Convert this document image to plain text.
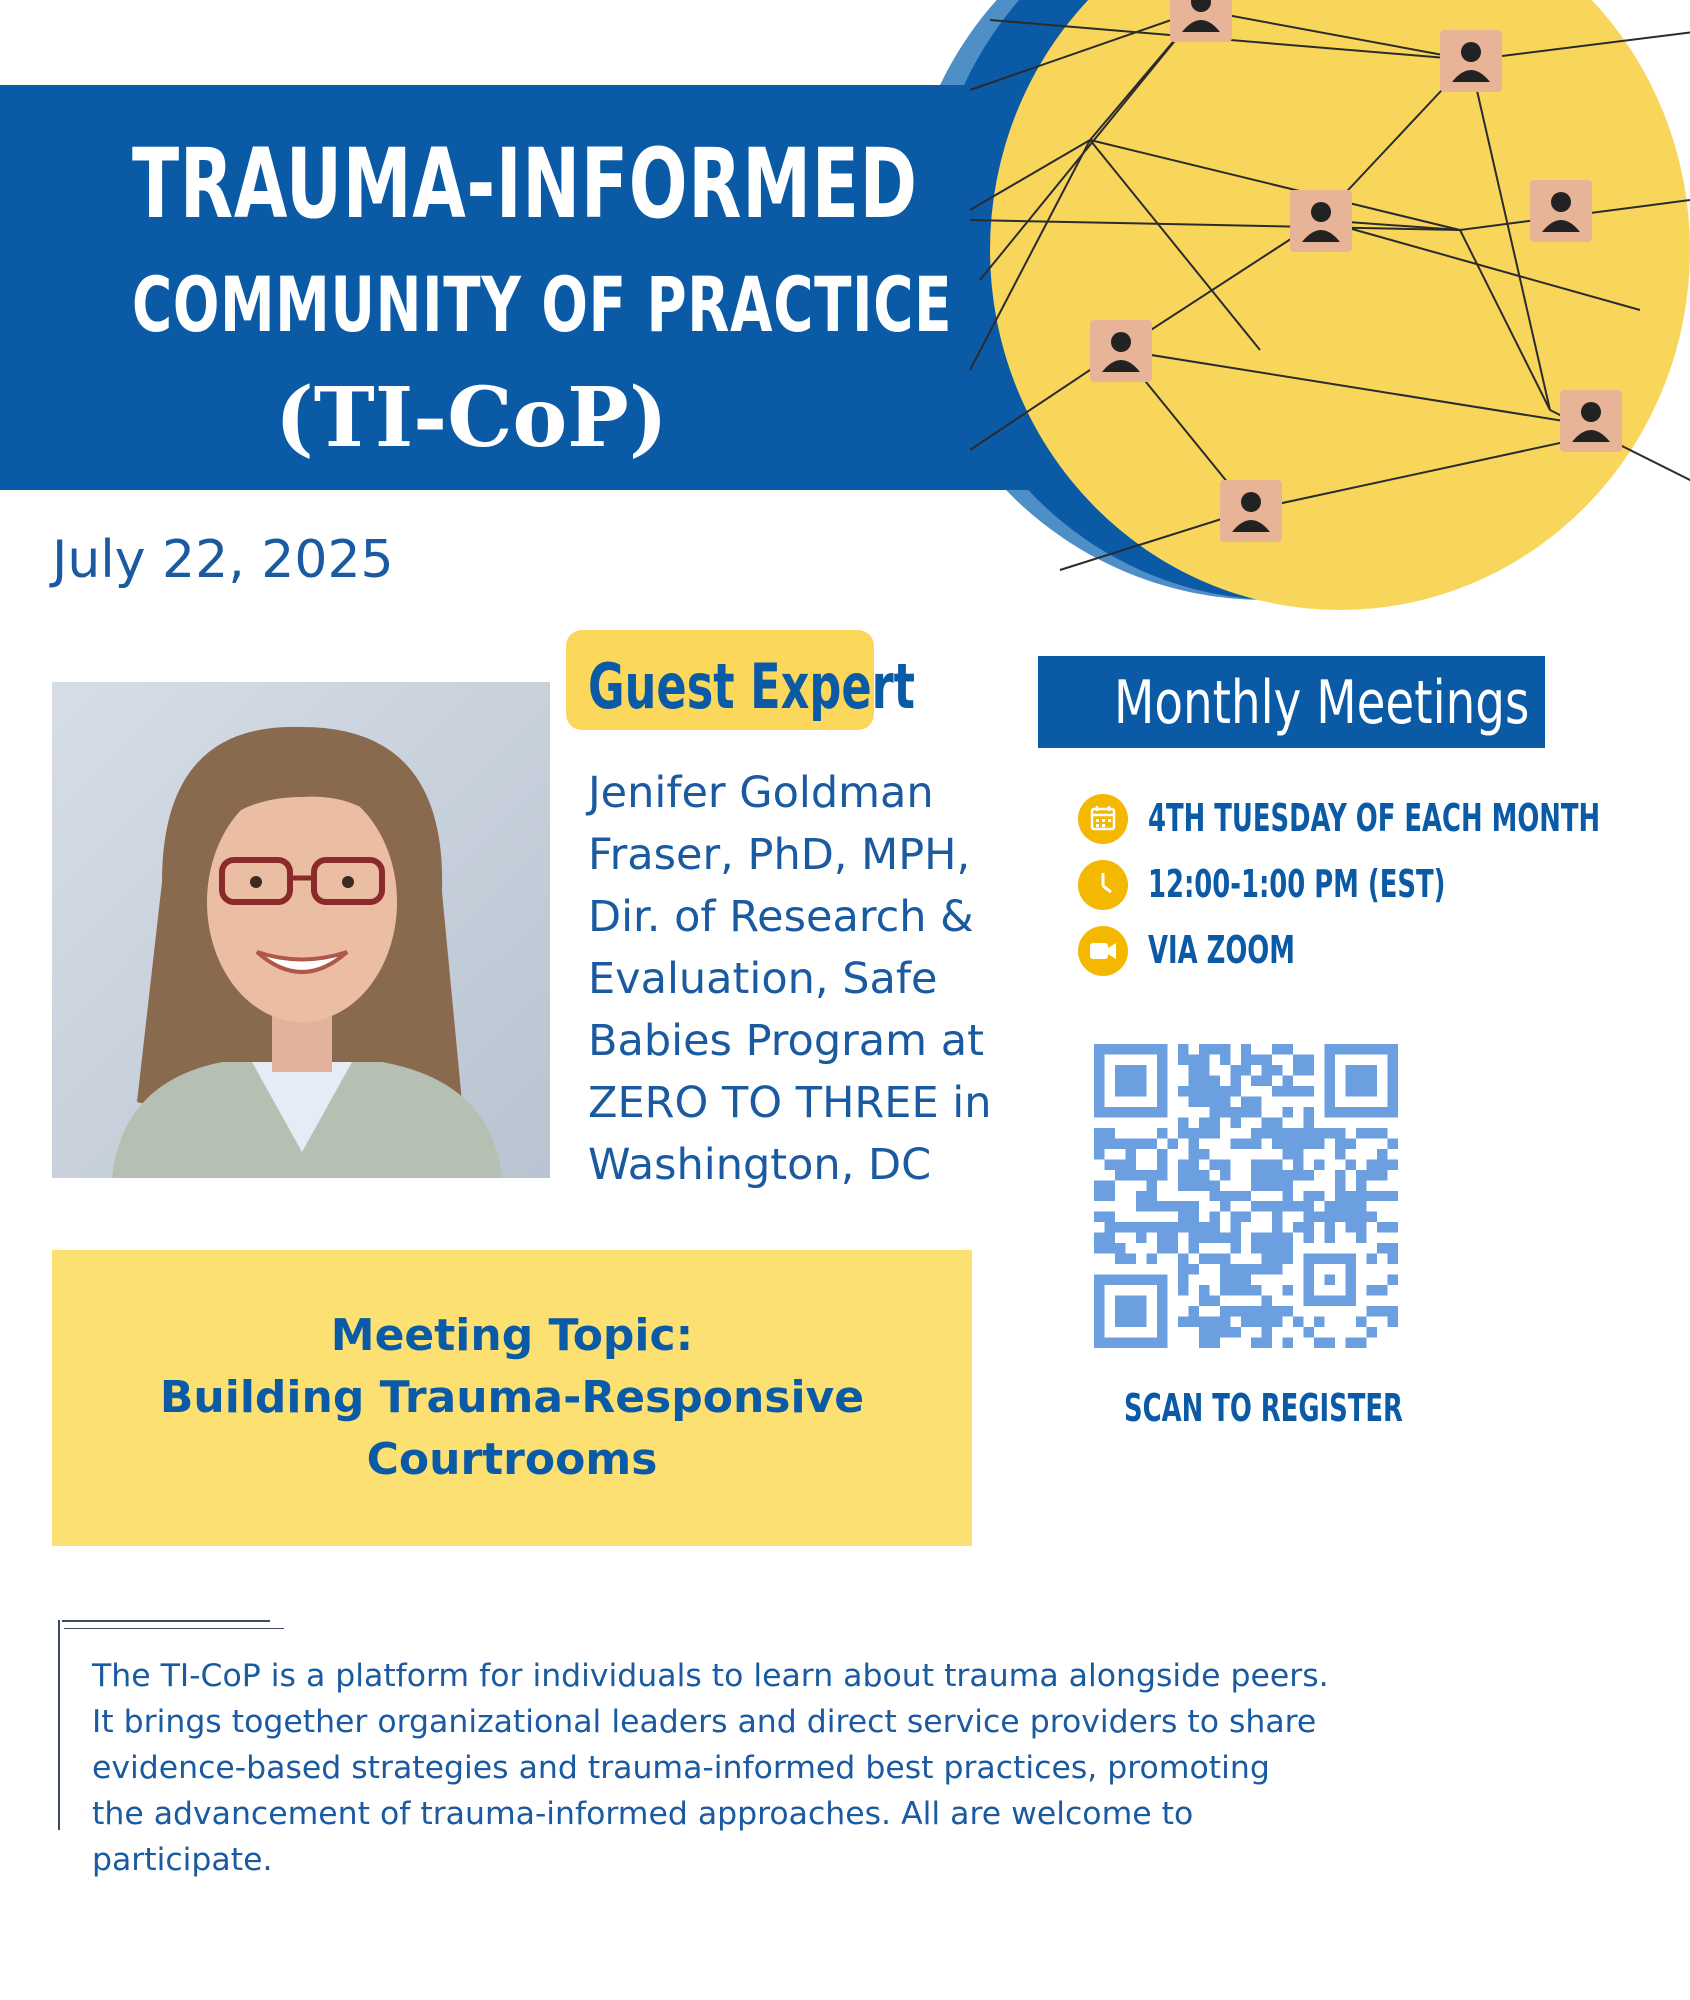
TRAUMA-INFORMED
COMMUNITY OF PRACTICE
(TI-CoP)
July 22, 2025
Guest Expert
Jenifer Goldman
Fraser, PhD, MPH,
Dir. of Research &
Evaluation, Safe
Babies Program at
ZERO TO THREE in
Washington, DC
Monthly Meetings
4TH TUESDAY OF EACH MONTH
12:00-1:00 PM (EST)
VIA ZOOM
SCAN TO REGISTER
Meeting Topic:
Building Trauma-Responsive
Courtrooms
The TI-CoP is a platform for individuals to learn about trauma alongside peers.
It brings together organizational leaders and direct service providers to share
evidence-based strategies and trauma-informed best practices, promoting
the advancement of trauma-informed approaches. All are welcome to
participate.
